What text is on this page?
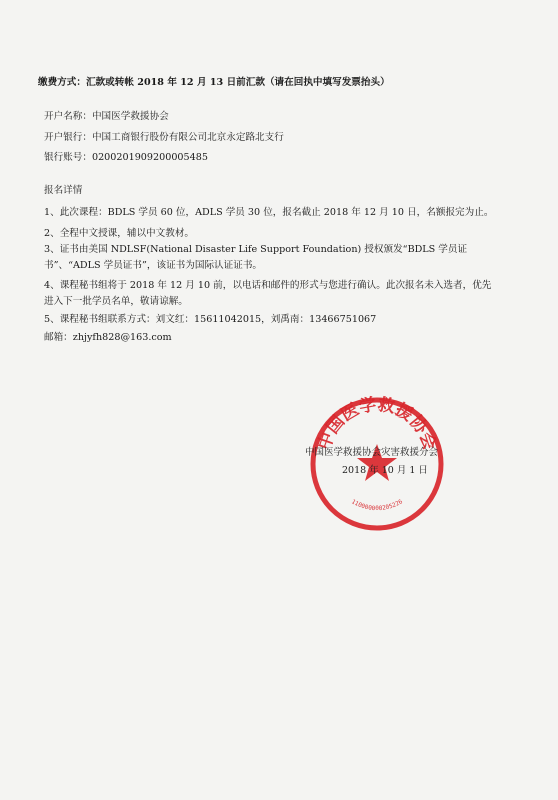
缴费方式：汇款或转帐 2018 年 12 月 13 日前汇款（请在回执中填写发票抬头）
开户名称：中国医学救援协会
开户银行：中国工商银行股份有限公司北京永定路北支行
银行账号：0200201909200005485
报名详情
1、此次课程：BDLS 学员 60 位，ADLS 学员 30 位，报名截止 2018 年 12 月 10 日，名额报完为止。
2、全程中文授课，辅以中文教材。
3、证书由美国 NDLSF(National Disaster Life Support Foundation) 授权颁发“BDLS 学员证书”、“ADLS 学员证书”，该证书为国际认证证书。
4、课程秘书组将于 2018 年 12 月 10 前，以电话和邮件的形式与您进行确认。此次报名未入选者，优先进入下一批学员名单，敬请谅解。
5、课程秘书组联系方式：刘文红：15611042015，刘禹南：13466751067
邮箱：zhjyfh828@163.com
中国医学救援协会
110000000205226
中国医学救援协会灾害救援分会
2018 年 10 月 1 日
